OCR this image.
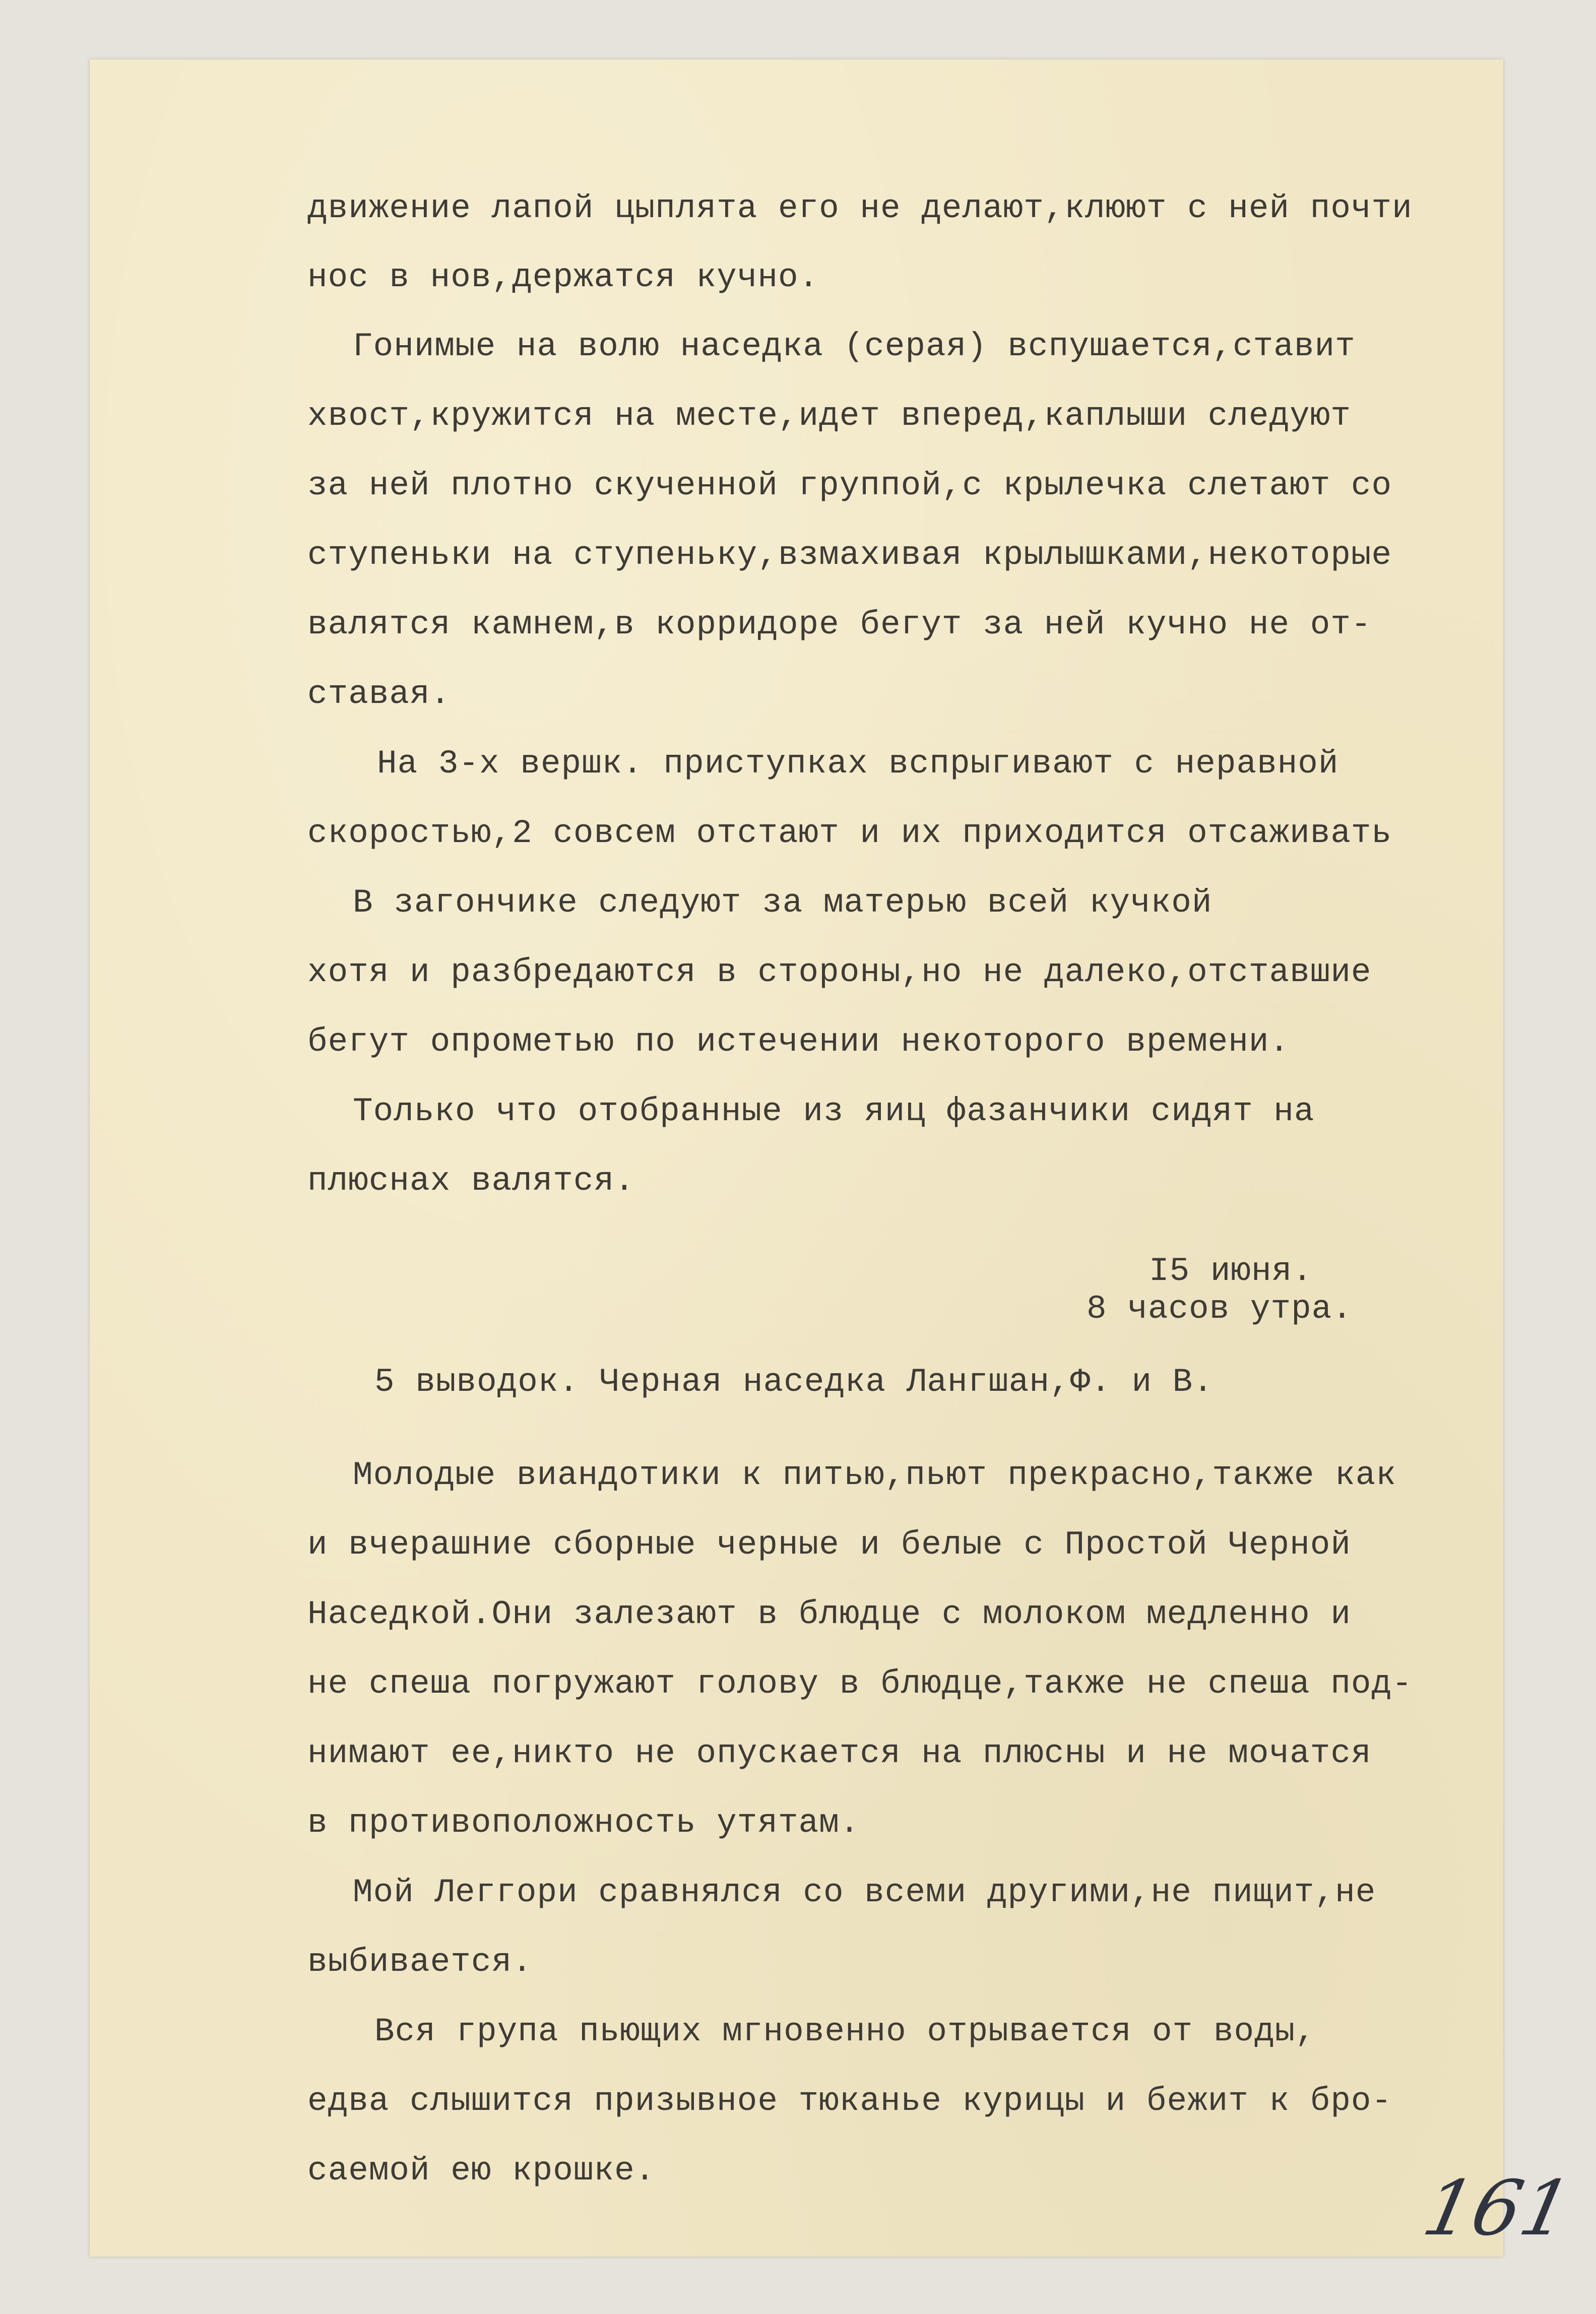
движение лапой цыплята его не делают,клюют с ней почти
нос в нов,держатся кучно.
Гонимые на волю наседка (серая) вспушается,ставит
хвост,кружится на месте,идет вперед,каплыши следуют
за ней плотно скученной группой,с крылечка слетают со
ступеньки на ступеньку,взмахивая крылышками,некоторые
валятся камнем,в корридоре бегут за ней кучно не от-
ставая.
На 3-х вершк. приступках вспрыгивают с неравной
скоростью,2 совсем отстают и их приходится отсаживать
В загончике следуют за матерью всей кучкой
хотя и разбредаются в стороны,но не далеко,отставшие
бегут опрометью по истечении некоторого времени.
Только что отобранные из яиц фазанчики сидят на
плюснах валятся.
I5 июня.
8 часов утра.
5 выводок. Черная наседка Лангшан,Ф. и В.
Молодые виандотики к питью,пьют прекрасно,также как
и вчерашние сборные черные и белые с Простой Черной
Наседкой.Они залезают в блюдце с молоком медленно и
не спеша погружают голову в блюдце,также не спеша под-
нимают ее,никто не опускается на плюсны и не мочатся
в противоположность утятам.
Мой Леггори сравнялся со всеми другими,не пищит,не
выбивается.
Вся група пьющих мгновенно отрывается от воды,
едва слышится призывное тюканье курицы и бежит к бро-
саемой ею крошке.	161
